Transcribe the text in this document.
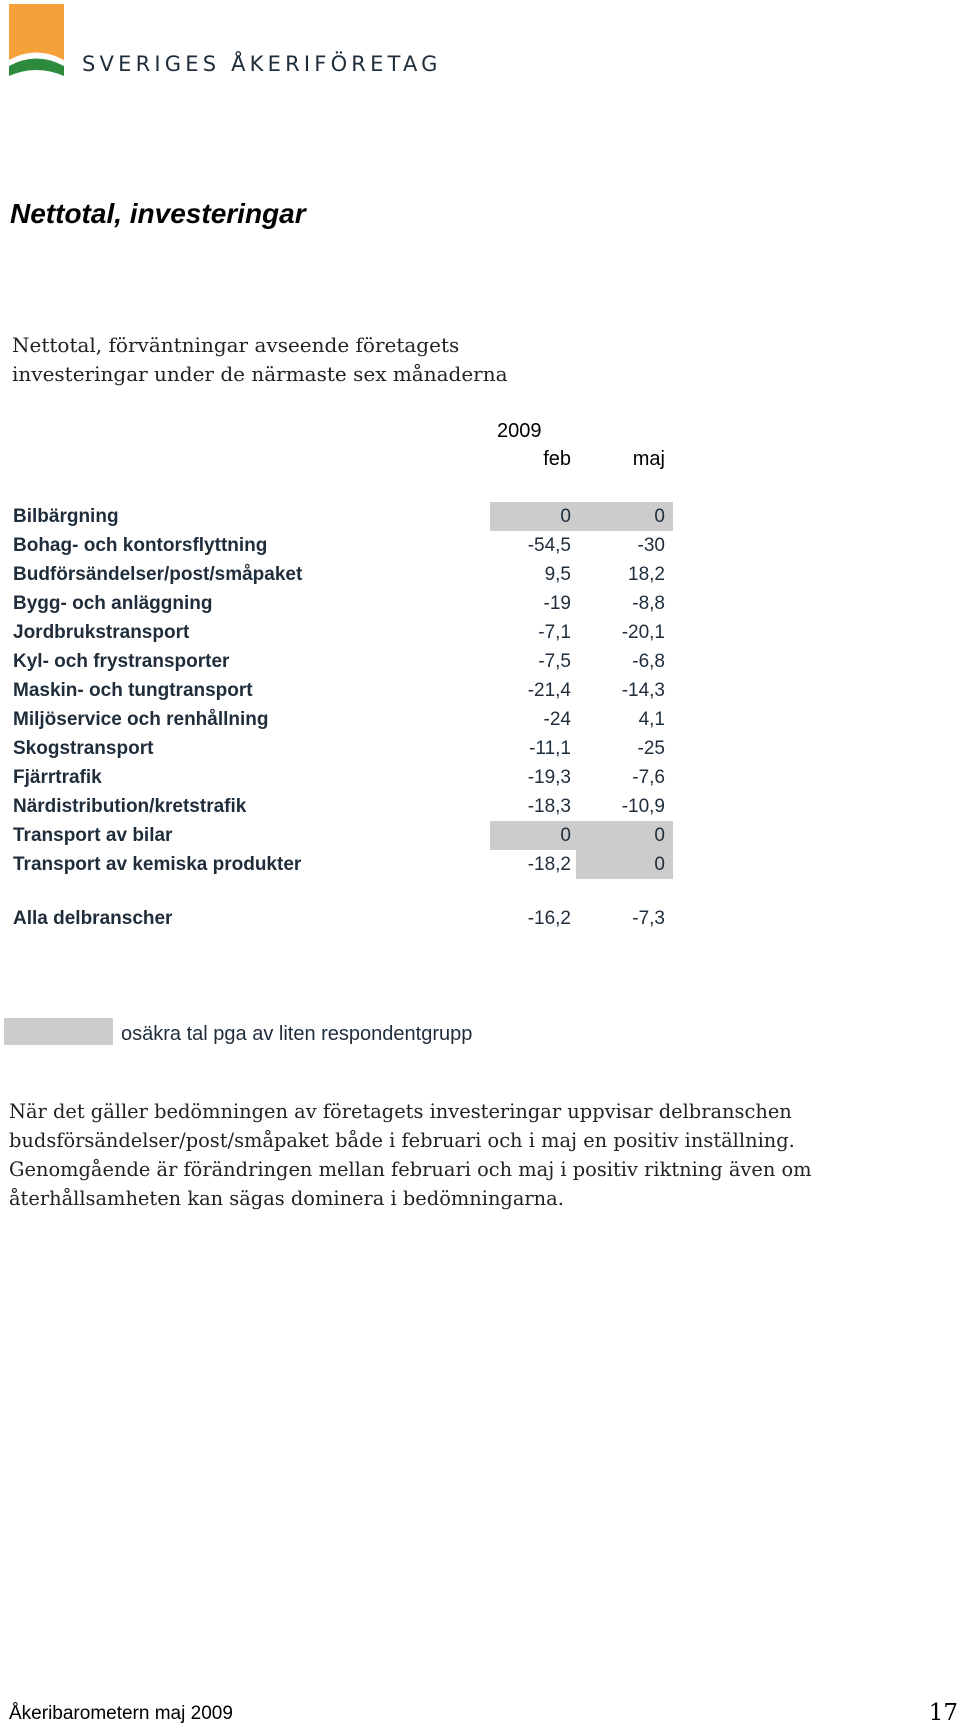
SVERIGES ÅKERIFÖRETAG
Nettotal, investeringar
Nettotal, förväntningar avseende företagets
investeringar under de närmaste sex månaderna
2009
feb	maj
Bilbärgning	0	0
Bohag- och kontorsflyttning	-54,5	-30
Budförsändelser/post/småpaket	9,5	18,2
Bygg- och anläggning	-19	-8,8
Jordbrukstransport	-7,1	-20,1
Kyl- och frystransporter	-7,5	-6,8
Maskin- och tungtransport	-21,4	-14,3
Miljöservice och renhållning	-24	4,1
Skogstransport	-11,1	-25
Fjärrtrafik	-19,3	-7,6
Närdistribution/kretstrafik	-18,3	-10,9
Transport av bilar	0	0
Transport av kemiska produkter	-18,2	0
Alla delbranscher	-16,2	-7,3
osäkra tal pga av liten respondentgrupp
När det gäller bedömningen av företagets investeringar uppvisar delbranschen
budsförsändelser/post/småpaket både i februari och i maj en positiv inställning.
Genomgående är förändringen mellan februari och maj i positiv riktning även om
återhållsamheten kan sägas dominera i bedömningarna.
Åkeribarometern maj 2009	17
